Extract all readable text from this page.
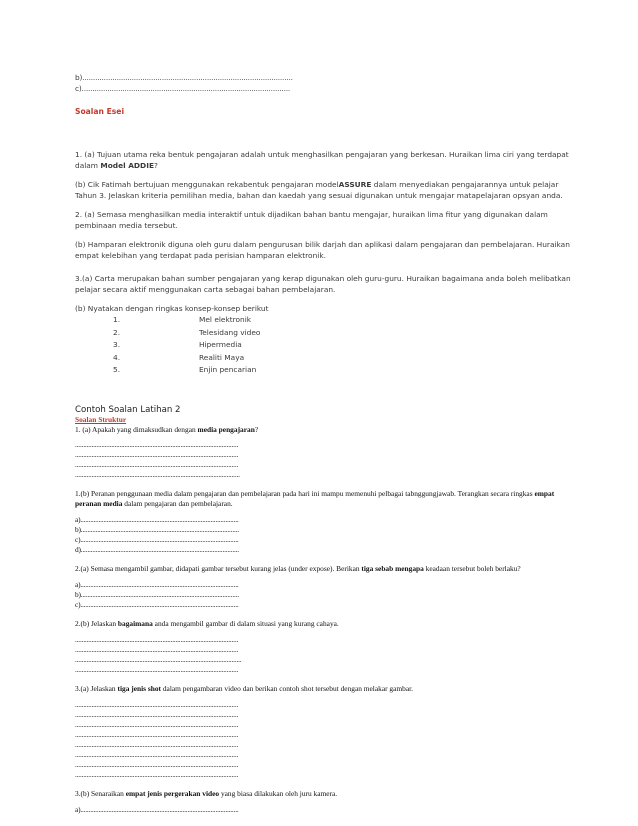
b)..................................................................................................
c).................................................................................................
Soalan Esei
1. (a) Tujuan utama reka bentuk pengajaran adalah untuk menghasilkan pengajaran yang berkesan. Huraikan lima ciri yang terdapat dalam Model ADDIE?
(b) Cik Fatimah bertujuan menggunakan rekabentuk pengajaran modelASSURE dalam menyediakan pengajarannya untuk pelajar Tahun 3. Jelaskan kriteria pemilihan media, bahan dan kaedah yang sesuai digunakan untuk mengajar matapelajaran opsyan anda.
2. (a) Semasa menghasilkan media interaktif untuk dijadikan bahan bantu mengajar, huraikan lima fitur yang digunakan dalam pembinaan media tersebut.
(b) Hamparan elektronik diguna oleh guru dalam pengurusan bilik darjah dan aplikasi dalam pengajaran dan pembelajaran. Huraikan empat kelebihan yang terdapat pada perisian hamparan elektronik.
3.(a) Carta merupakan bahan sumber pengajaran yang kerap digunakan oleh guru-guru. Huraikan bagaimana anda boleh melibatkan pelajar secara aktif menggunakan carta sebagai bahan pembelajaran.
(b) Nyatakan dengan ringkas konsep-konsep berikut
1.	Mel elektronik
2.	Telesidang video
3.	Hipermedia
4.	Realiti Maya
5.	Enjin pencarian
Contoh Soalan Latihan 2
Soalan Struktur
1. (a) Apakah yang dimaksudkan dengan media pengajaran?
...................................................................................................
...................................................................................................
...................................................................................................
....................................................................................................
1.(b) Peranan penggunaan media dalam pengajaran dan pembelajaran pada hari ini mampu memenuhi pelbagai tabnggungjawab. Terangkan secara ringkas empat peranan media dalam pengajaran dan pembelajaran.
a)................................................................................................
b)................................................................................................
c)................................................................................................
d)................................................................................................
2.(a) Semasa mengambil gambar, didapati gambar tersebut kurang jelas (under expose). Berikan tiga sebab mengapa keadaan tersebut boleh berlaku?
a)................................................................................................
b)................................................................................................
c)................................................................................................
2.(b) Jelaskan bagaimana anda mengambil gambar di dalam situasi yang kurang cahaya.
...................................................................................................
...................................................................................................
.....................................................................................................
...................................................................................................
3.(a) Jelaskan tiga jenis shot dalam pengambaran video dan berikan contoh shot tersebut dengan melakar gambar.
...................................................................................................
...................................................................................................
...................................................................................................
...................................................................................................
...................................................................................................
...................................................................................................
...................................................................................................
...................................................................................................
3.(b) Senaraikan empat jenis pergerakan video yang biasa dilakukan oleh juru kamera.
a)................................................................................................
